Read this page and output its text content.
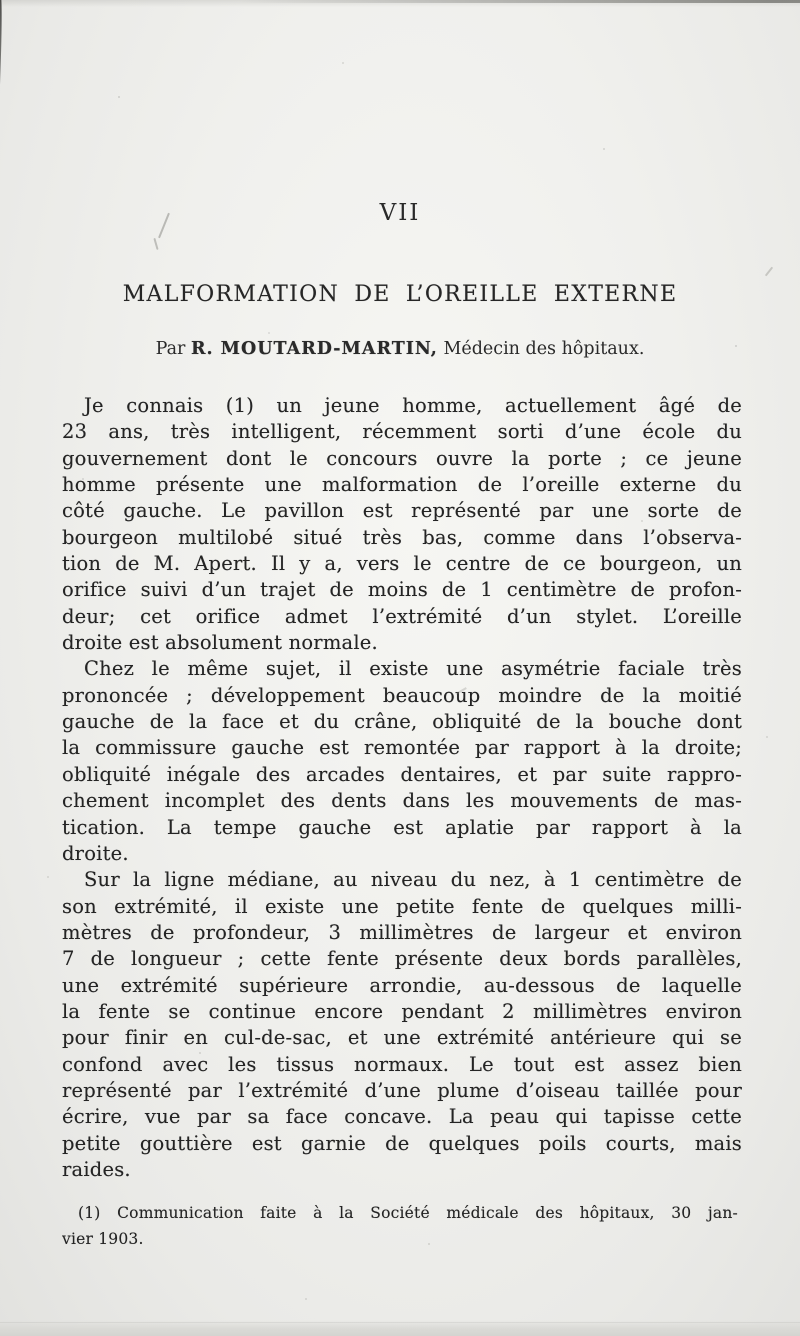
VII
MALFORMATION DE L’OREILLE EXTERNE
Par R. MOUTARD-MARTIN, Médecin des hôpitaux.
Je connais (1) un jeune homme, actuellement âgé de
23 ans, très intelligent, récemment sorti d’une école du
gouvernement dont le concours ouvre la porte ; ce jeune
homme présente une malformation de l’oreille externe du
côté gauche. Le pavillon est représenté par une sorte de
bourgeon multilobé situé très bas, comme dans l’observa-
tion de M. Apert. Il y a, vers le centre de ce bourgeon, un
orifice suivi d’un trajet de moins de 1 centimètre de profon-
deur; cet orifice admet l’extrémité d’un stylet. L’oreille
droite est absolument normale.
Chez le même sujet, il existe une asymétrie faciale très
prononcée ; développement beaucoup moindre de la moitié
gauche de la face et du crâne, obliquité de la bouche dont
la commissure gauche est remontée par rapport à la droite;
obliquité inégale des arcades dentaires, et par suite rappro-
chement incomplet des dents dans les mouvements de mas-
tication. La tempe gauche est aplatie par rapport à la
droite.
Sur la ligne médiane, au niveau du nez, à 1 centimètre de
son extrémité, il existe une petite fente de quelques milli-
mètres de profondeur, 3 millimètres de largeur et environ
7 de longueur ; cette fente présente deux bords parallèles,
une extrémité supérieure arrondie, au-dessous de laquelle
la fente se continue encore pendant 2 millimètres environ
pour finir en cul-de-sac, et une extrémité antérieure qui se
confond avec les tissus normaux. Le tout est assez bien
représenté par l’extrémité d’une plume d’oiseau taillée pour
écrire, vue par sa face concave. La peau qui tapisse cette
petite gouttière est garnie de quelques poils courts, mais
raides.
(1) Communication faite à la Société médicale des hôpitaux, 30 jan-
vier 1903.
